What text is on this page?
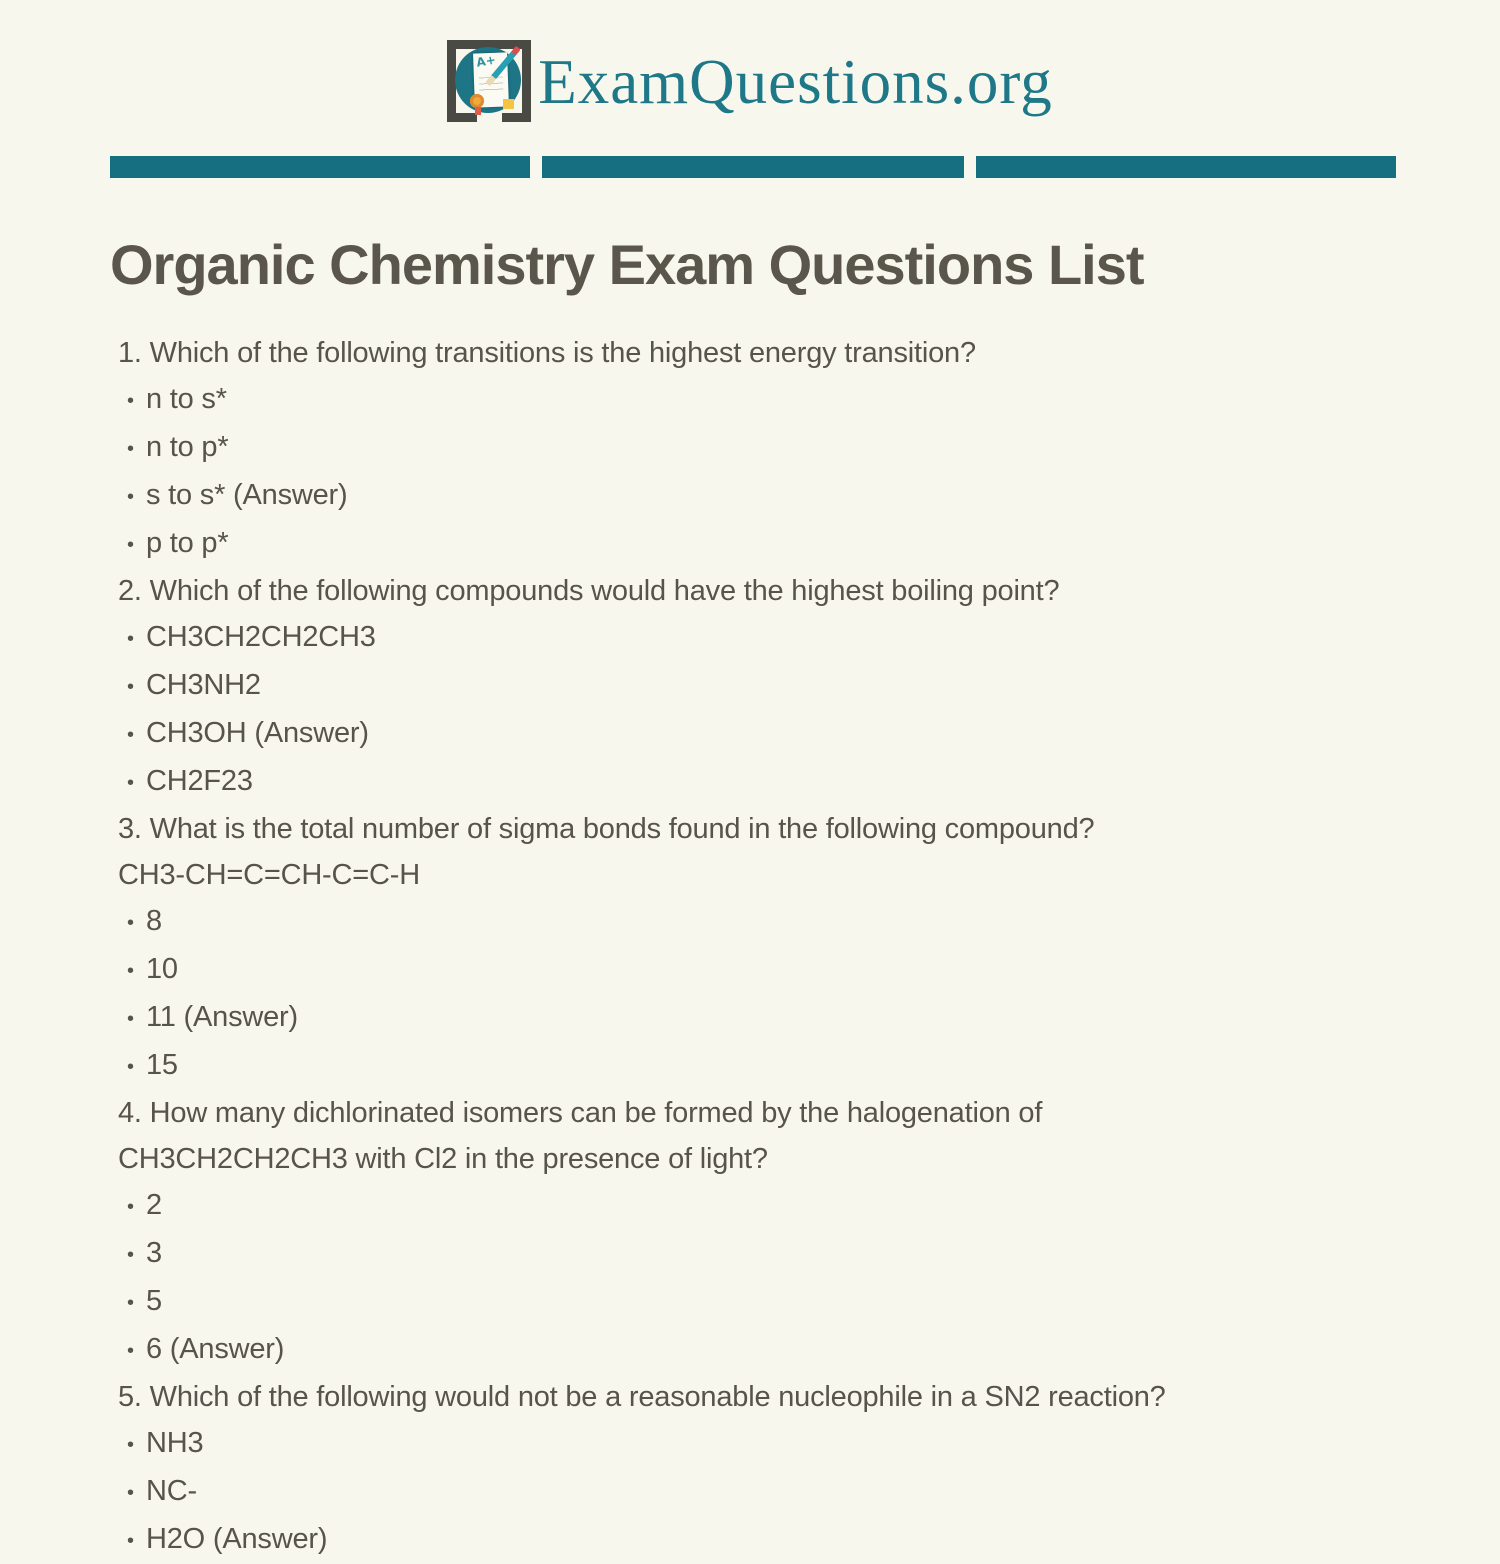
A+ ExamQuestions.org
Organic Chemistry Exam Questions List
1. Which of the following transitions is the highest energy transition?
• n to s*
• n to p*
• s to s* (Answer)
• p to p*
2. Which of the following compounds would have the highest boiling point?
• CH3CH2CH2CH3
• CH3NH2
• CH3OH (Answer)
• CH2F23
3. What is the total number of sigma bonds found in the following compound?
CH3-CH=C=CH-C=C-H
• 8
• 10
• 11 (Answer)
• 15
4. How many dichlorinated isomers can be formed by the halogenation of
CH3CH2CH2CH3 with Cl2 in the presence of light?
• 2
• 3
• 5
• 6 (Answer)
5. Which of the following would not be a reasonable nucleophile in a SN2 reaction?
• NH3
• NC-
• H2O (Answer)
